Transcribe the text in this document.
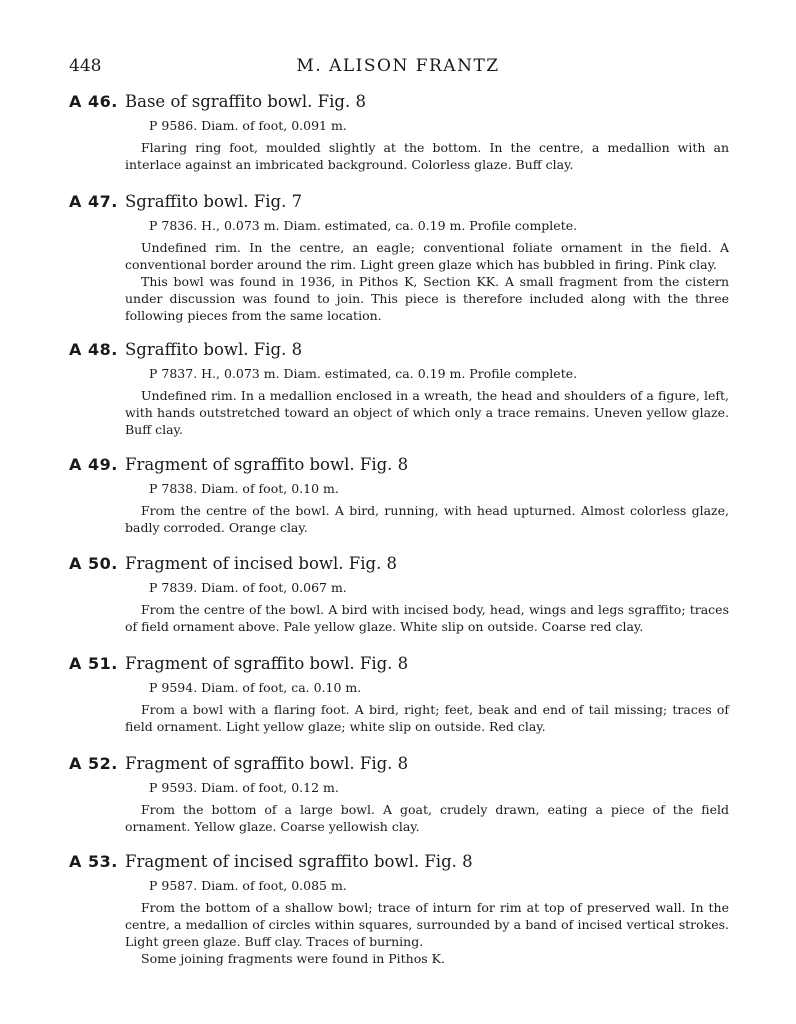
448	M. ALISON FRANTZ
A 46. Base of sgraffito bowl. Fig. 8
P 9586. Diam. of foot, 0.091 m.

Flaring ring foot, moulded slightly at the bottom. In the centre, a medallion with an interlace against an imbricated background. Colorless glaze. Buff clay.

A 47. Sgraffito bowl. Fig. 7
P 7836. H., 0.073 m. Diam. estimated, ca. 0.19 m. Profile complete.

Undefined rim. In the centre, an eagle; conventional foliate ornament in the field. A conventional border around the rim. Light green glaze which has bubbled in firing. Pink clay.

This bowl was found in 1936, in Pithos K, Section KK. A small fragment from the cistern under discussion was found to join. This piece is therefore included along with the three following pieces from the same location.

A 48. Sgraffito bowl. Fig. 8
P 7837. H., 0.073 m. Diam. estimated, ca. 0.19 m. Profile complete.

Undefined rim. In a medallion enclosed in a wreath, the head and shoulders of a figure, left, with hands outstretched toward an object of which only a trace remains. Uneven yellow glaze. Buff clay.

A 49. Fragment of sgraffito bowl. Fig. 8
P 7838. Diam. of foot, 0.10 m.

From the centre of the bowl. A bird, running, with head upturned. Almost colorless glaze, badly corroded. Orange clay.

A 50. Fragment of incised bowl. Fig. 8
P 7839. Diam. of foot, 0.067 m.

From the centre of the bowl. A bird with incised body, head, wings and legs sgraffito; traces of field ornament above. Pale yellow glaze. White slip on outside. Coarse red clay.

A 51. Fragment of sgraffito bowl. Fig. 8
P 9594. Diam. of foot, ca. 0.10 m.

From a bowl with a flaring foot. A bird, right; feet, beak and end of tail missing; traces of field ornament. Light yellow glaze; white slip on outside. Red clay.

A 52. Fragment of sgraffito bowl. Fig. 8
P 9593. Diam. of foot, 0.12 m.

From the bottom of a large bowl. A goat, crudely drawn, eating a piece of the field ornament. Yellow glaze. Coarse yellowish clay.

A 53. Fragment of incised sgraffito bowl. Fig. 8
P 9587. Diam. of foot, 0.085 m.

From the bottom of a shallow bowl; trace of inturn for rim at top of preserved wall. In the centre, a medallion of circles within squares, surrounded by a band of incised vertical strokes. Light green glaze. Buff clay. Traces of burning.

Some joining fragments were found in Pithos K.
